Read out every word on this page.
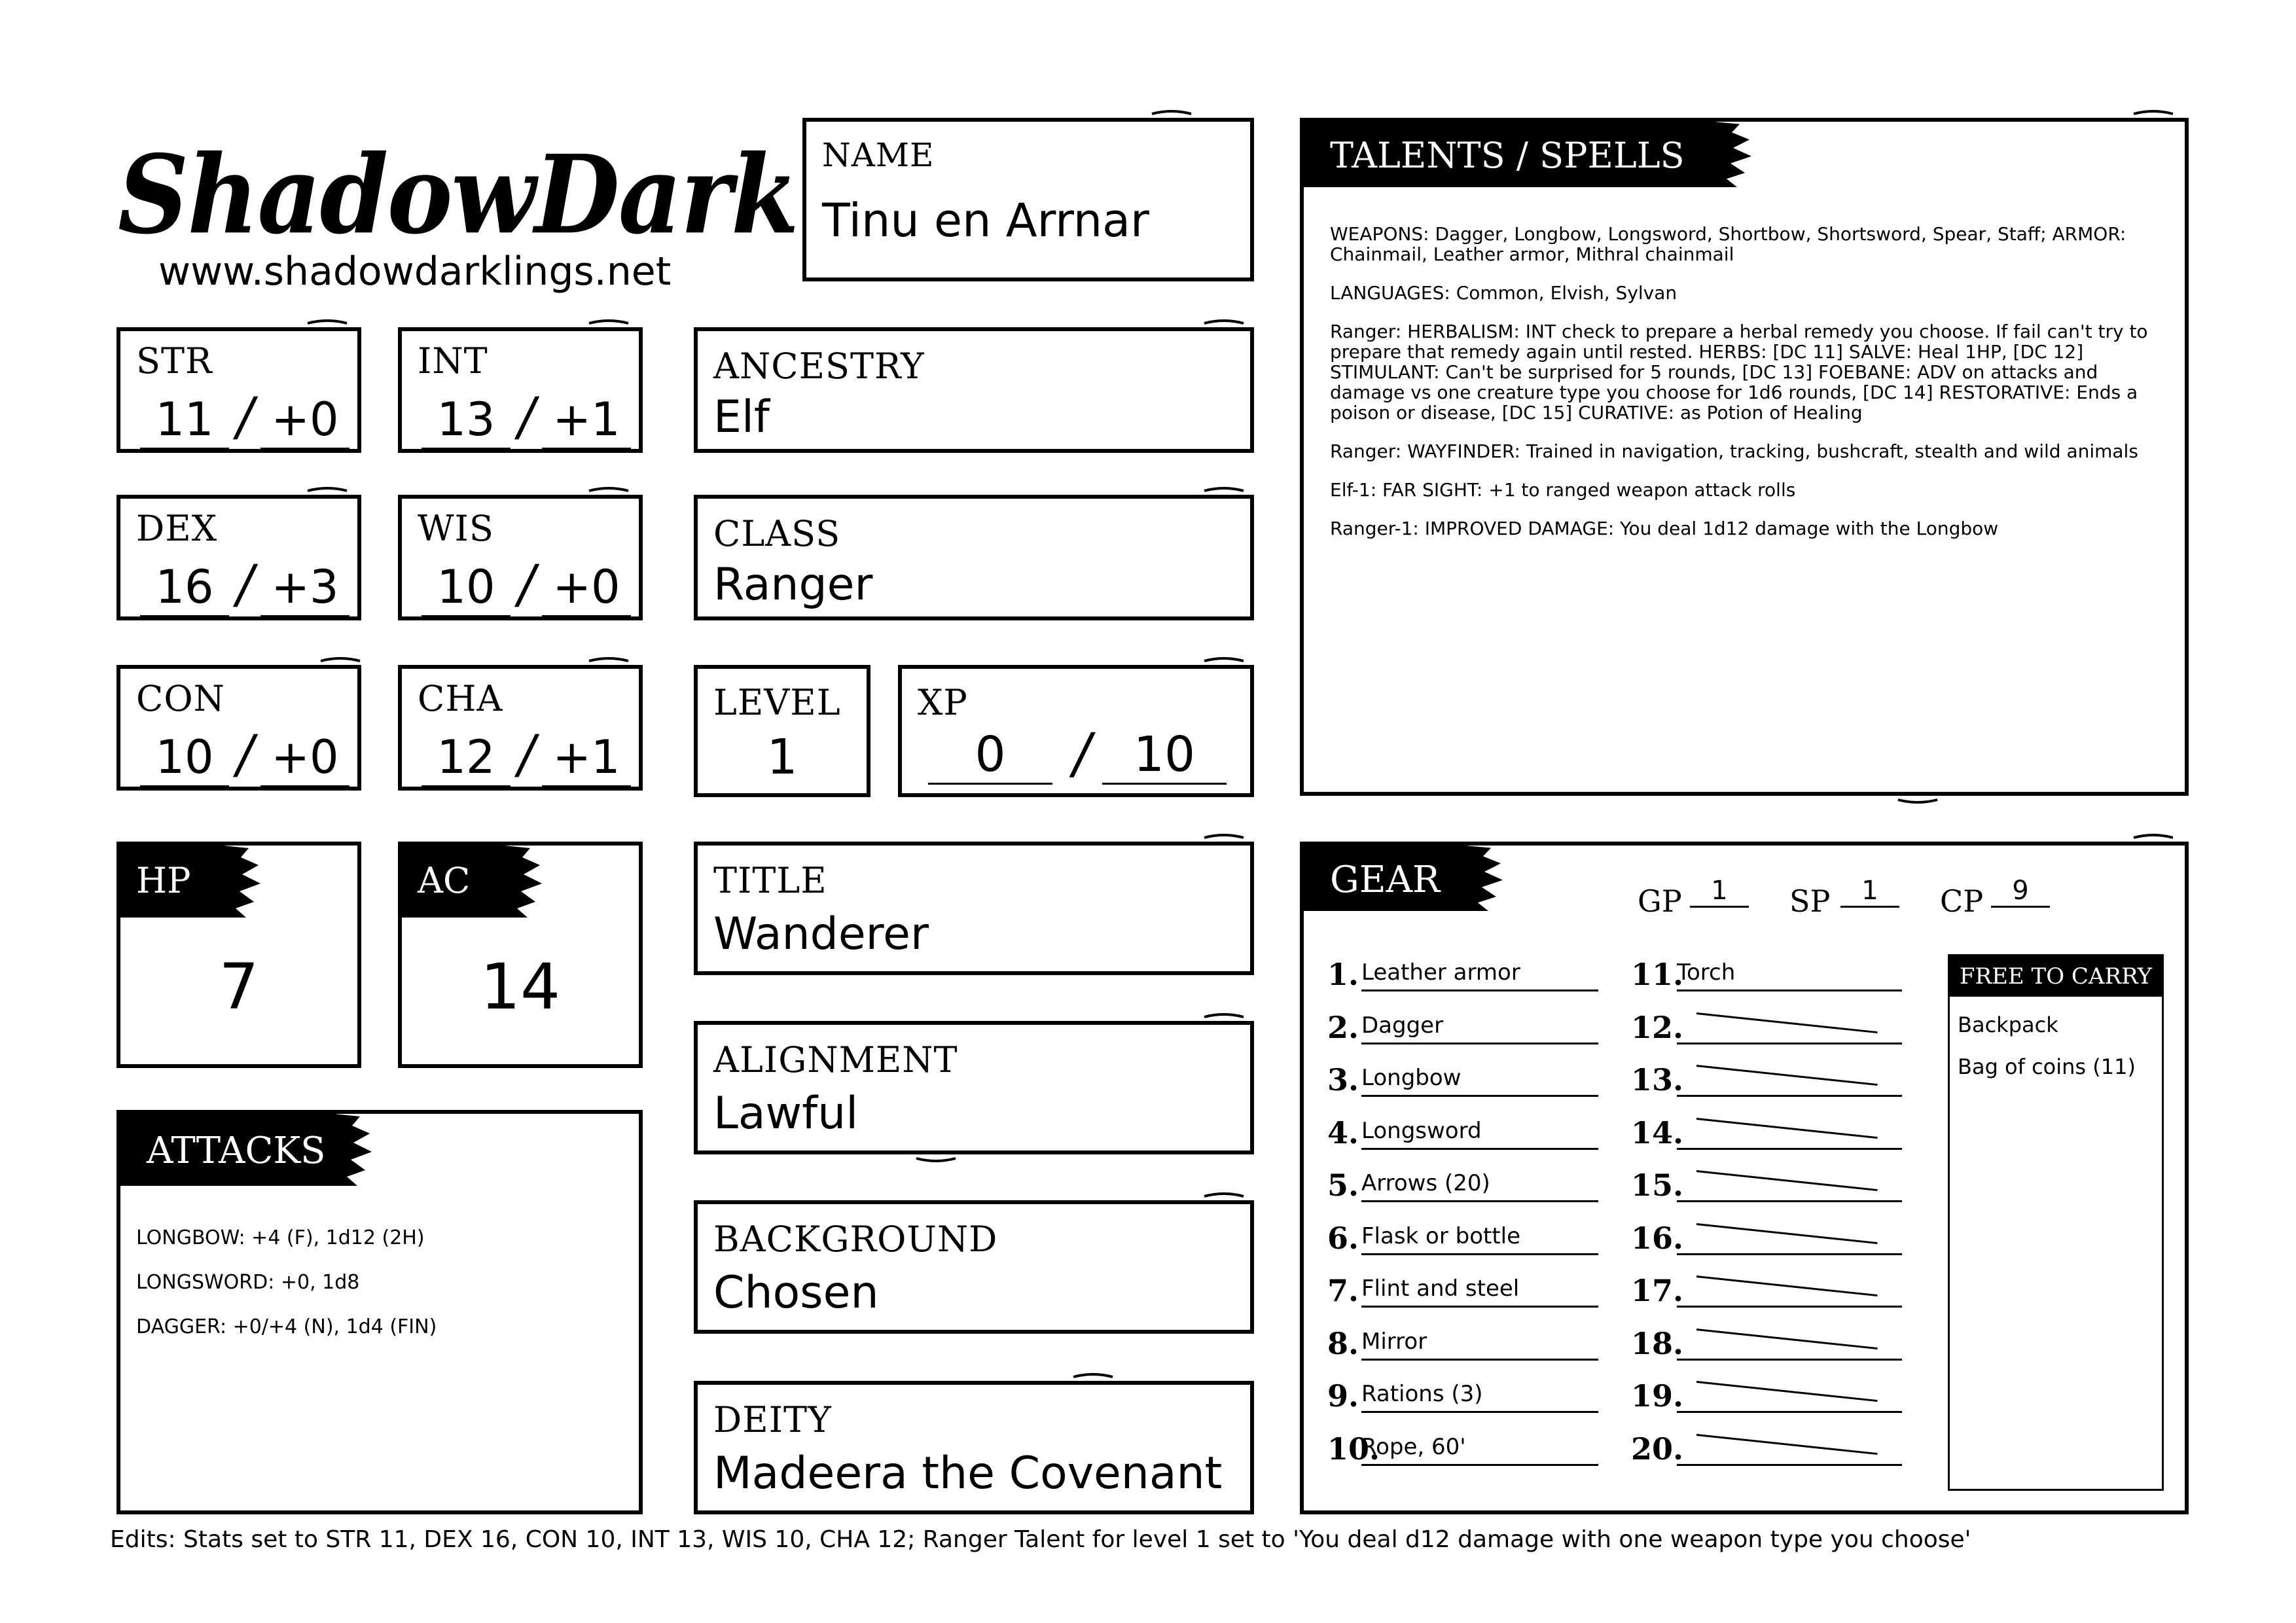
ShadowDark
www.shadowdarklings.net
NAME
Tinu en Arrnar
STR
11 / +0
INT
13 / +1
DEX
16 / +3
WIS
10 / +0
CON
10 / +0
CHA
12 / +1
ANCESTRY
Elf
CLASS
Ranger
LEVEL
1
XP
0	/ 10
HP
7
AC
14
TITLE
Wanderer
ALIGNMENT
Lawful
BACKGROUND
Chosen
DEITY
Madeera the Covenant
ATTACKS
LONGBOW: +4 (F), 1d12 (2H)
LONGSWORD: +0, 1d8
DAGGER: +0/+4 (N), 1d4 (FIN)
TALENTS / SPELLS

WEAPONS: Dagger, Longbow, Longsword, Shortbow, Shortsword, Spear, Staff; ARMOR: Chainmail, Leather armor, Mithral chainmail

LANGUAGES: Common, Elvish, Sylvan

Ranger: HERBALISM: INT check to prepare a herbal remedy you choose. If fail can't try to prepare that remedy again until rested. HERBS: [DC 11] SALVE: Heal 1HP, [DC 12] STIMULANT: Can't be surprised for 5 rounds, [DC 13] FOEBANE: ADV on attacks and damage vs one creature type you choose for 1d6 rounds, [DC 14] RESTORATIVE: Ends a poison or disease, [DC 15] CURATIVE: as Potion of Healing

Ranger: WAYFINDER: Trained in navigation, tracking, bushcraft, stealth and wild animals

Elf-1: FAR SIGHT: +1 to ranged weapon attack rolls

Ranger-1: IMPROVED DAMAGE: You deal 1d12 damage with the Longbow

GEAR	GP	1	SP	1	CP	9
FREE TO CARRY
Backpack
Bag of coins (11)
1. Leather armor
2. Dagger
3. Longbow
4. Longsword
5. Arrows (20)
6. Flask or bottle
7. Flint and steel
8. Mirror
9. Rations (3)
10.
Rope, 60'
11.
Torch
12.
13.
14.
15.
16.
17.
18.
19.
20.
Edits: Stats set to STR 11, DEX 16, CON 10, INT 13, WIS 10, CHA 12; Ranger Talent for level 1 set to 'You deal d12 damage with one weapon type you choose'
